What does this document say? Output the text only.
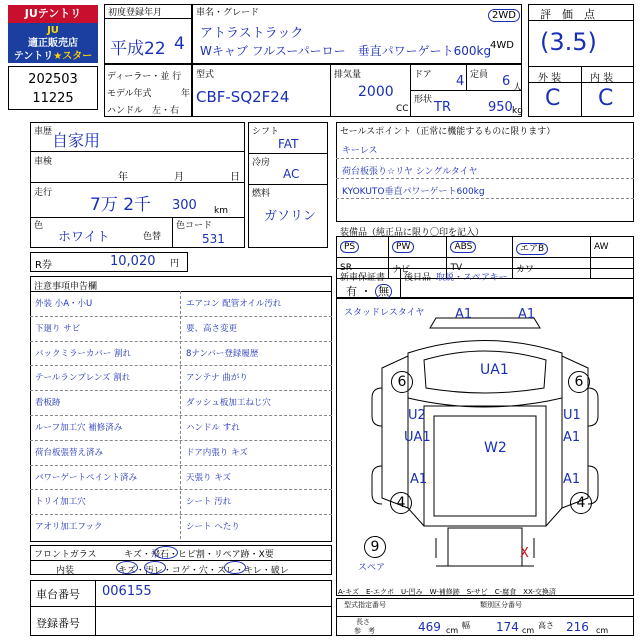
JUテントリ
JU
適正販売店
テントリ★スター
202503
11225
初度登録年月
平成22 4
ディーラー・並 行
モデル年式	年
ハンドル　左・右
車名・グレード
アトラストラック
Wキャブ フルスーパーロー　垂直パワーゲート600kg
2WD
4WD
型式
CBF-SQ2F24
排気量
2000
CC
ドア 4 定員 6 人
形状 TR	950 kg
評　価　点
(3.5)
外 装	内 装
C C
車歴 自家用
車検
年	月	日
走行
7万 2千 300 km
色
ホワイト
色コード
色替	531
シフト
FAT
冷房
AC
燃料
ガソリン
R券	10,020 円
セールスポイント（正常に機能するものに限ります）
キーレス
荷台板張り☆リヤ シングルタイヤ
KYOKUTO垂直パワーゲート600kg
装備品（純正品に限り〇印を記入）
PS	PW	ABS	エアB	AW
SR	ナビ	TV	カワ	
新車保証書
有 ・ 無
後日品 取説・スペアキー
注意事項申告欄
外装 小A・小U	エアコン 配管オイル汚れ
下廻り サビ	要、高さ変更
バックミラーカバー 割れ	8ナンバー登録履歴
テールランプレンズ 割れ	アンテナ 曲がり
看板跡	ダッシュ板加工ねじ穴
ルーフ加工穴 補修済み	ハンドル すれ
荷台板張替え済み	ドア内張り キズ
パワーゲートペイント済み	天張り キズ
トリイ加工穴	シート 汚れ
アオリ加工フック	シート へたり
フロントガラス	キズ・飛石・ヒビ割・リペア跡・X要
内装	キズ・汚レ・コゲ・穴・スレ・キレ・破レ
車台番号 006155
登録番号
スタッドレスタイヤ A1	A1
UA1
6	6
U2
UA1
U1
A1
W2
A1	A1
4	4
9
スペア
X
A-キズ　E-エクボ　U-凹み　W-補修跡　S-サビ　C-腐食　XX-交換済
型式指定番号	類別区分番号
長さ
参　考	469 cm
幅 174 cm
高さ 216 cm
